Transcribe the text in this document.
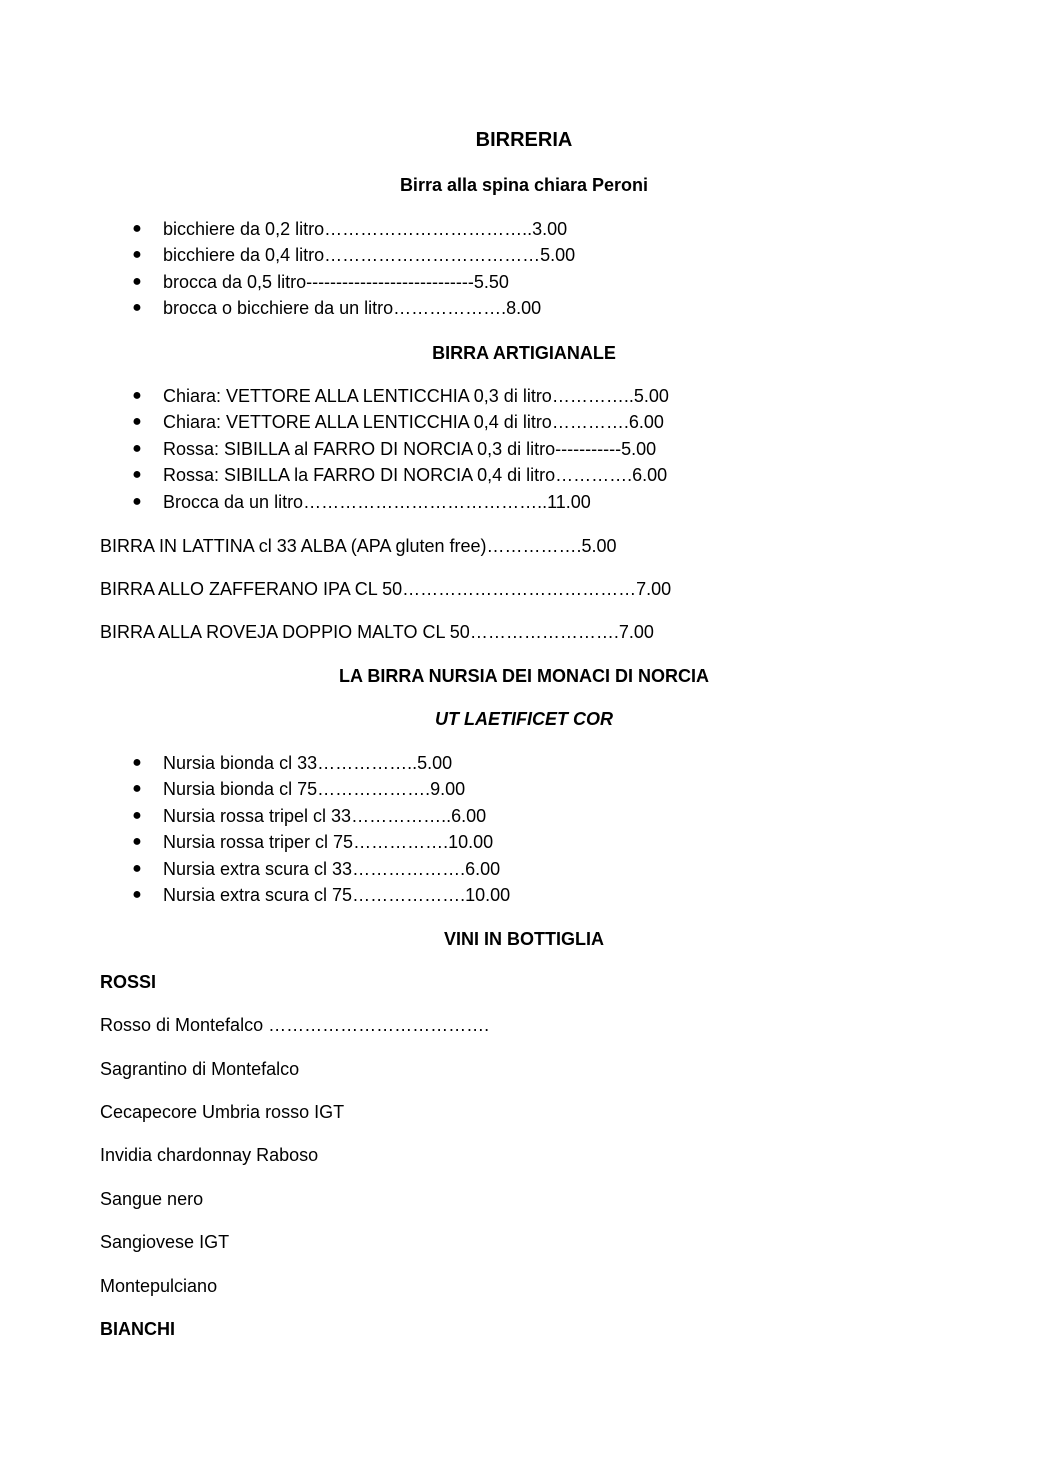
BIRRERIA
Birra alla spina chiara Peroni
● bicchiere da 0,2 litro……………………………..3.00
● bicchiere da 0,4 litro………………………………5.00
● brocca da 0,5 litro----------------------------5.50
● brocca o bicchiere da un litro……………….8.00
BIRRA ARTIGIANALE
● Chiara: VETTORE ALLA LENTICCHIA 0,3 di litro…………..5.00
● Chiara: VETTORE ALLA LENTICCHIA 0,4 di litro………….6.00
● Rossa: SIBILLA al FARRO DI NORCIA 0,3 di litro-----------5.00
● Rossa: SIBILLA la FARRO DI NORCIA 0,4 di litro………….6.00
● Brocca da un litro…………………………………..11.00
BIRRA IN LATTINA cl 33 ALBA (APA gluten free)…………….5.00
BIRRA ALLO ZAFFERANO IPA CL 50…………………………………7.00
BIRRA ALLA ROVEJA DOPPIO MALTO CL 50…………………….7.00
LA BIRRA NURSIA DEI MONACI DI NORCIA
UT LAETIFICET COR
● Nursia bionda cl 33……………..5.00
● Nursia bionda cl 75……………….9.00
● Nursia rossa tripel cl 33……………..6.00
● Nursia rossa triper cl 75…………….10.00
● Nursia extra scura cl 33……………….6.00
● Nursia extra scura cl 75……………….10.00
VINI IN BOTTIGLIA
ROSSI
Rosso di Montefalco ……………………………….
Sagrantino di Montefalco
Cecapecore Umbria rosso IGT
Invidia chardonnay Raboso
Sangue nero
Sangiovese IGT
Montepulciano
BIANCHI
